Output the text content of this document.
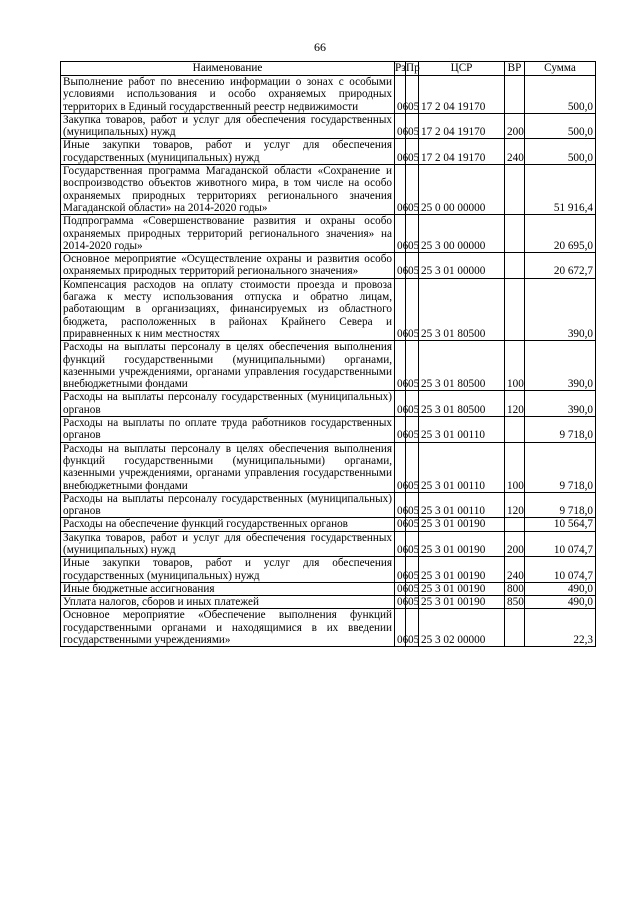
66
Наименование	Рз	Пр	ЦСР	ВР	Сумма
Выполнение работ по внесению информации о зонах с особыми условиями использования и особо охраняемых природных территорих в Единый государственный реестр недвижимости	06	05	17 2 04 19170		500,0
Закупка товаров, работ и услуг для обеспечения государственных (муниципальных) нужд	06	05	17 2 04 19170	200	500,0
Иные закупки товаров, работ и услуг для обеспечения государственных (муниципальных) нужд	06	05	17 2 04 19170	240	500,0
Государственная программа Магаданской области «Сохранение и воспроизводство объектов животного мира, в том числе на особо охраняемых природных территориях регионального значения Магаданской области» на 2014-2020 годы»	06	05	25 0 00 00000		51 916,4
Подпрограмма «Совершенствование развития и охраны особо охраняемых природных территорий регионального значения» на 2014-2020 годы»	06	05	25 3 00 00000		20 695,0
Основное мероприятие «Осуществление охраны и развития особо охраняемых природных территорий регионального значения»	06	05	25 3 01 00000		20 672,7
Компенсация расходов на оплату стоимости проезда и провоза багажа к месту использования отпуска и обратно лицам, работающим в организациях, финансируемых из областного бюджета, расположенных в районах Крайнего Севера и приравненных к ним местностях	06	05	25 3 01 80500		390,0
Расходы на выплаты персоналу в целях обеспечения выполнения функций государственными (муниципальными) органами, казенными учреждениями, органами управления государственными внебюджетными фондами	06	05	25 3 01 80500	100	390,0
Расходы на выплаты персоналу государственных (муниципальных) органов	06	05	25 3 01 80500	120	390,0
Расходы на выплаты по оплате труда работников государственных органов	06	05	25 3 01 00110		9 718,0
Расходы на выплаты персоналу в целях обеспечения выполнения функций государственными (муниципальными) органами, казенными учреждениями, органами управления государственными внебюджетными фондами	06	05	25 3 01 00110	100	9 718,0
Расходы на выплаты персоналу государственных (муниципальных) органов	06	05	25 3 01 00110	120	9 718,0
Расходы на обеспечение функций государственных органов	06	05	25 3 01 00190		10 564,7
Закупка товаров, работ и услуг для обеспечения государственных (муниципальных) нужд	06	05	25 3 01 00190	200	10 074,7
Иные закупки товаров, работ и услуг для обеспечения государственных (муниципальных) нужд	06	05	25 3 01 00190	240	10 074,7
Иные бюджетные ассигнования	06	05	25 3 01 00190	800	490,0
Уплата налогов, сборов и иных платежей	06	05	25 3 01 00190	850	490,0
Основное мероприятие «Обеспечение выполнения функций государственными органами и находящимися в их введении государственными учреждениями»	06	05	25 3 02 00000		22,3
